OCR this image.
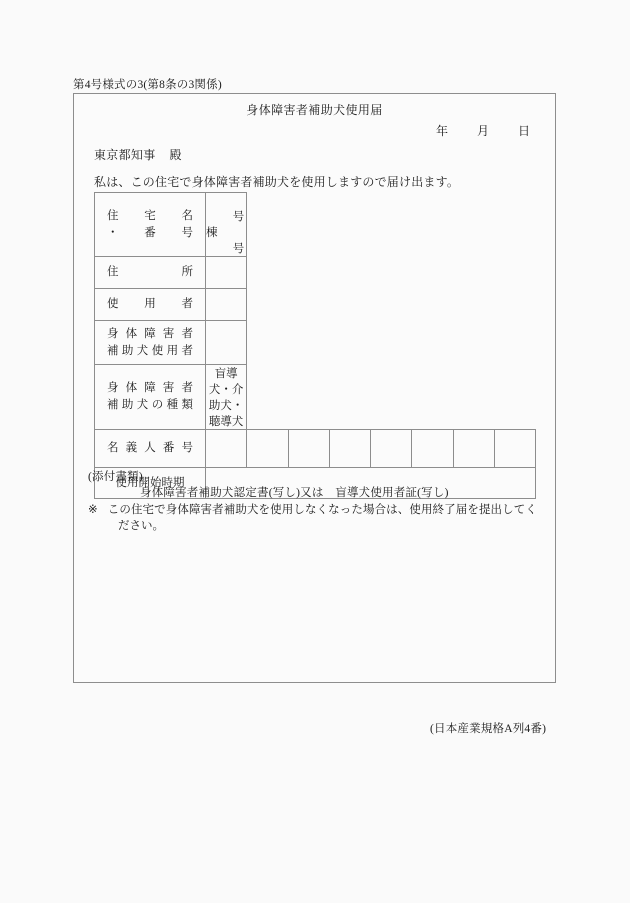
第4号様式の3(第8条の3関係)
身体障害者補助犬使用届
年 月 日
東京都知事 殿
私は、この住宅で身体障害者補助犬を使用しますので届け出ます。
住 宅 名
・ 番 号	号棟号							

住 所								

使 用 者								

身 体 障 害 者
補 助 犬 使 用 者								

身 体 障 害 者
補 助 犬 の 種 類	盲導犬・介助犬・聴導犬							

名 義 人 番 号								

使用開始時期								

(添付書類)
身体障害者補助犬認定書(写し)又は　盲導犬使用者証(写し)
※ この住宅で身体障害者補助犬を使用しなくなった場合は、使用終了届を提出してく
ださい。
(日本産業規格A列4番)
